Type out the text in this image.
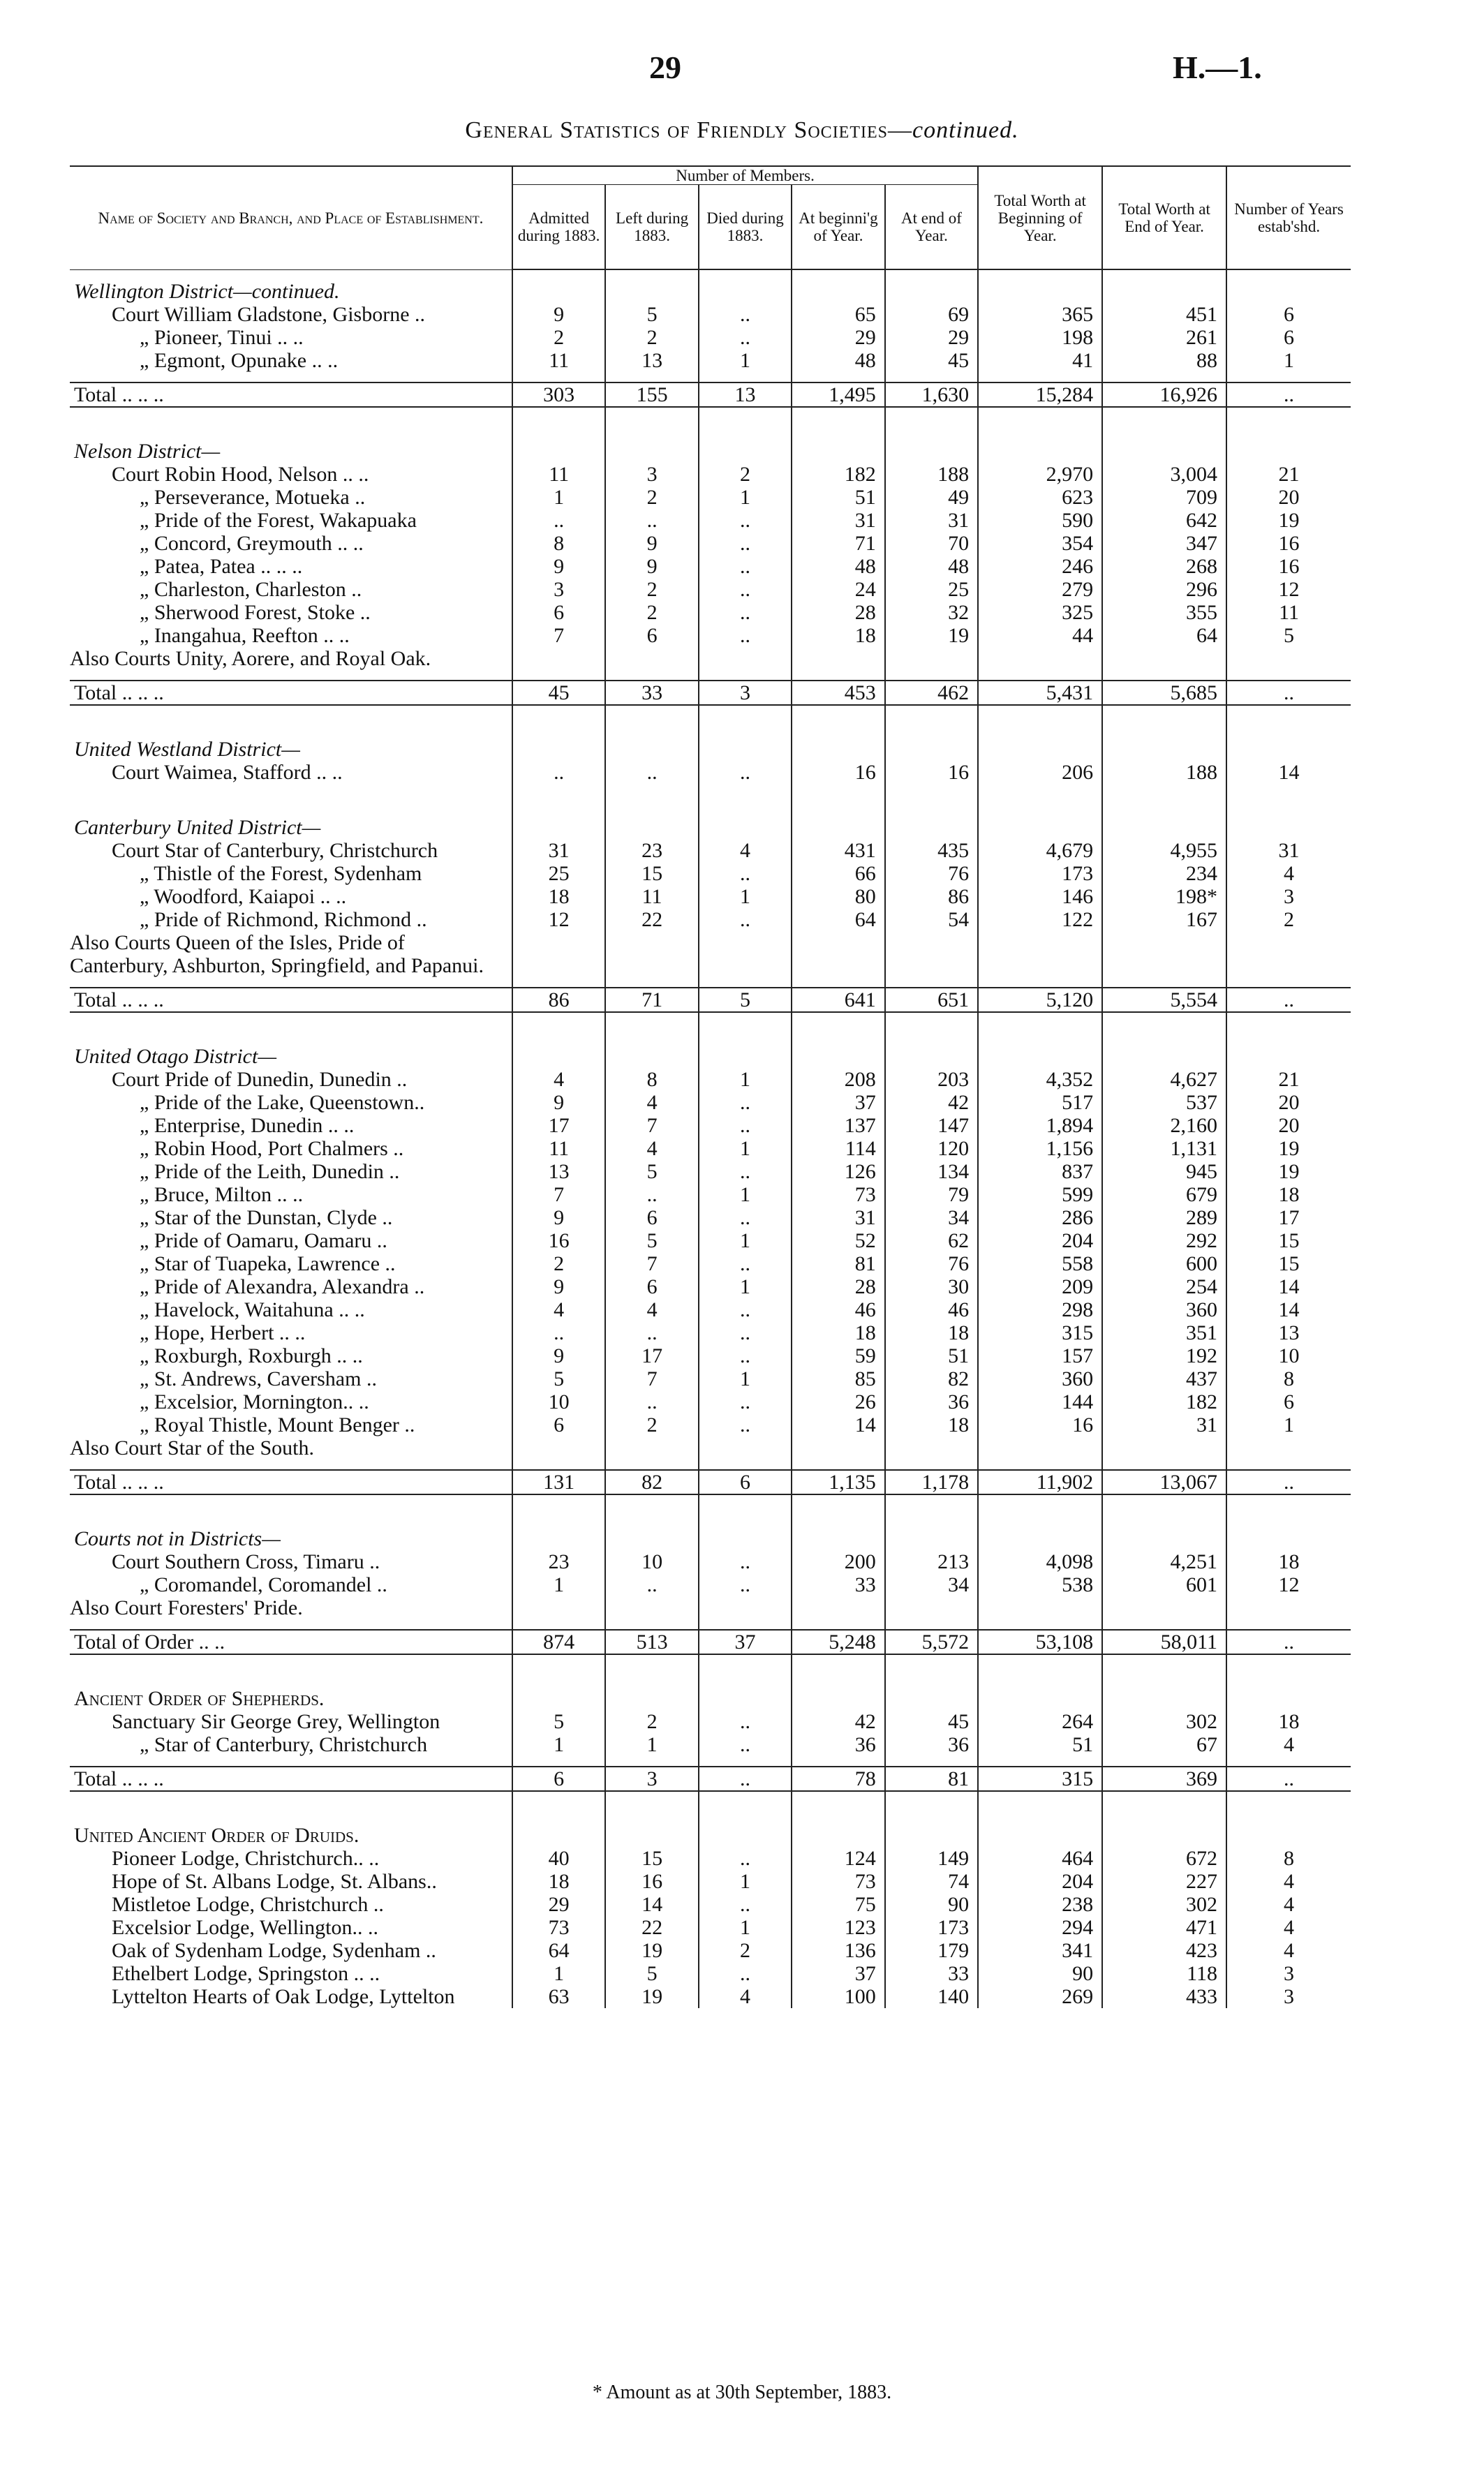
29	H.—1.
General Statistics of Friendly Societies—continued.
Name of Society and Branch, and Place of Establishment.	Number of Members.					Total Worth at Beginning of Year.	Total Worth at End of Year.	Number of Years estab'shd.
	Admitted during 1883.	Left during 1883.	Died during 1883.	At beginni'g of Year.	At end of Year.			

Wellington District—continued.								
Court William Gladstone, Gisborne ..	9	5	..	65	69	365	451	6
„ Pioneer, Tinui .. ..	2	2	..	29	29	198	261	6
„ Egmont, Opunake .. ..	11	13	1	48	45	41	88	1

Total .. .. ..	303	155	13	1,495	1,630	15,284	16,926	..

Nelson District—								
Court Robin Hood, Nelson .. ..	11	3	2	182	188	2,970	3,004	21
„ Perseverance, Motueka ..	1	2	1	51	49	623	709	20
„ Pride of the Forest, Wakapuaka	..	..	..	31	31	590	642	19
„ Concord, Greymouth .. ..	8	9	..	71	70	354	347	16
„ Patea, Patea .. .. ..	9	9	..	48	48	246	268	16
„ Charleston, Charleston ..	3	2	..	24	25	279	296	12
„ Sherwood Forest, Stoke ..	6	2	..	28	32	325	355	11
„ Inangahua, Reefton .. ..	7	6	..	18	19	44	64	5
Also Courts Unity, Aorere, and Royal Oak.								

Total .. .. ..	45	33	3	453	462	5,431	5,685	..

United Westland District—								
Court Waimea, Stafford .. ..	..	..	..	16	16	206	188	14

Canterbury United District—								
Court Star of Canterbury, Christchurch	31	23	4	431	435	4,679	4,955	31
„ Thistle of the Forest, Sydenham	25	15	..	66	76	173	234	4
„ Woodford, Kaiapoi .. ..	18	11	1	80	86	146	198*	3
„ Pride of Richmond, Richmond ..	12	22	..	64	54	122	167	2
Also Courts Queen of the Isles, Pride of Canterbury, Ashburton, Springfield, and Papanui.								

Total .. .. ..	86	71	5	641	651	5,120	5,554	..

United Otago District—								
Court Pride of Dunedin, Dunedin ..	4	8	1	208	203	4,352	4,627	21
„ Pride of the Lake, Queenstown..	9	4	..	37	42	517	537	20
„ Enterprise, Dunedin .. ..	17	7	..	137	147	1,894	2,160	20
„ Robin Hood, Port Chalmers ..	11	4	1	114	120	1,156	1,131	19
„ Pride of the Leith, Dunedin ..	13	5	..	126	134	837	945	19
„ Bruce, Milton .. ..	7	..	1	73	79	599	679	18
„ Star of the Dunstan, Clyde ..	9	6	..	31	34	286	289	17
„ Pride of Oamaru, Oamaru ..	16	5	1	52	62	204	292	15
„ Star of Tuapeka, Lawrence ..	2	7	..	81	76	558	600	15
„ Pride of Alexandra, Alexandra ..	9	6	1	28	30	209	254	14
„ Havelock, Waitahuna .. ..	4	4	..	46	46	298	360	14
„ Hope, Herbert .. ..	..	..	..	18	18	315	351	13
„ Roxburgh, Roxburgh .. ..	9	17	..	59	51	157	192	10
„ St. Andrews, Caversham ..	5	7	1	85	82	360	437	8
„ Excelsior, Mornington.. ..	10	..	..	26	36	144	182	6
„ Royal Thistle, Mount Benger ..	6	2	..	14	18	16	31	1
Also Court Star of the South.								

Total .. .. ..	131	82	6	1,135	1,178	11,902	13,067	..

Courts not in Districts—								
Court Southern Cross, Timaru ..	23	10	..	200	213	4,098	4,251	18
„ Coromandel, Coromandel ..	1	..	..	33	34	538	601	12
Also Court Foresters' Pride.								

Total of Order .. ..	874	513	37	5,248	5,572	53,108	58,011	..

Ancient Order of Shepherds.								
Sanctuary Sir George Grey, Wellington	5	2	..	42	45	264	302	18
„ Star of Canterbury, Christchurch	1	1	..	36	36	51	67	4

Total .. .. ..	6	3	..	78	81	315	369	..

United Ancient Order of Druids.								
Pioneer Lodge, Christchurch.. ..	40	15	..	124	149	464	672	8
Hope of St. Albans Lodge, St. Albans..	18	16	1	73	74	204	227	4
Mistletoe Lodge, Christchurch ..	29	14	..	75	90	238	302	4
Excelsior Lodge, Wellington.. ..	73	22	1	123	173	294	471	4
Oak of Sydenham Lodge, Sydenham ..	64	19	2	136	179	341	423	4
Ethelbert Lodge, Springston .. ..	1	5	..	37	33	90	118	3
Lyttelton Hearts of Oak Lodge, Lyttelton	63	19	4	100	140	269	433	3
* Amount as at 30th September, 1883.
